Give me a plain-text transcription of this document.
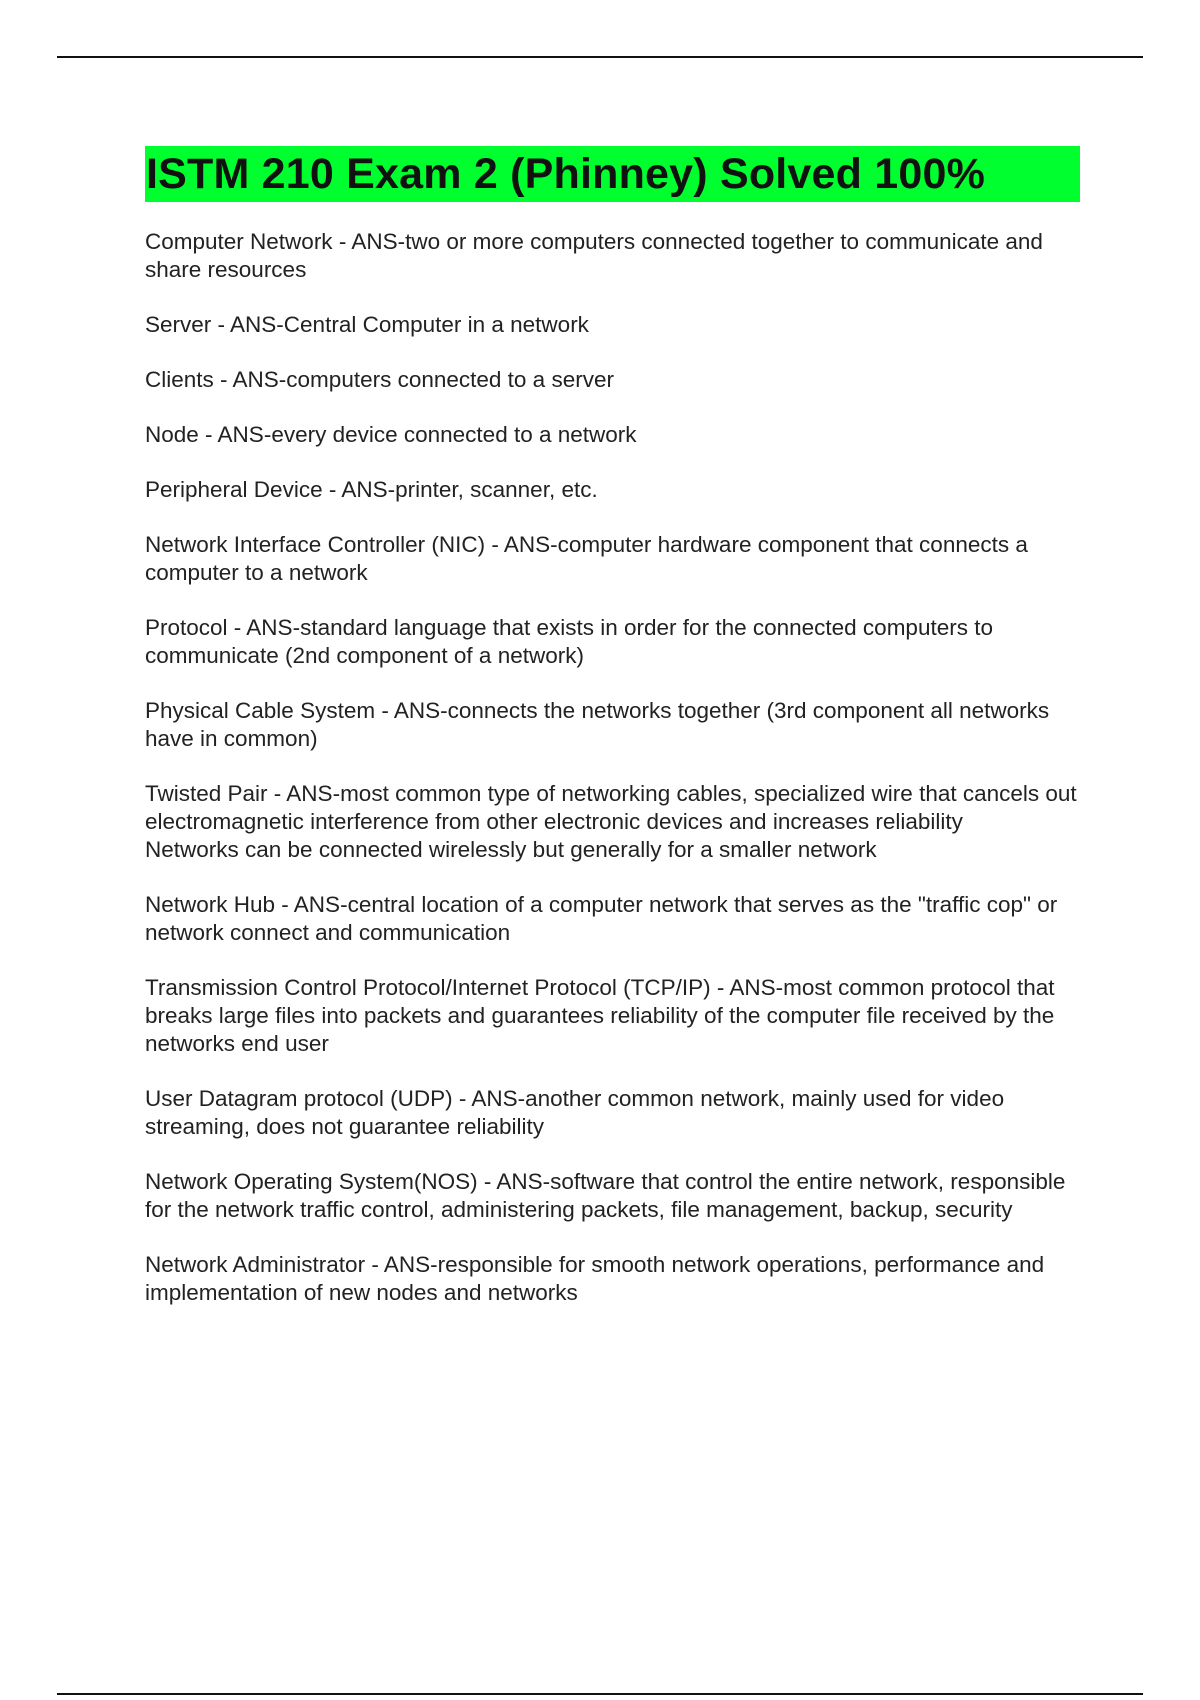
ISTM 210 Exam 2 (Phinney) Solved 100%
Computer Network - ANS-two or more computers connected together to communicate and share resources
Server - ANS-Central Computer in a network
Clients - ANS-computers connected to a server
Node - ANS-every device connected to a network
Peripheral Device - ANS-printer, scanner, etc.
Network Interface Controller (NIC) - ANS-computer hardware component that connects a computer to a network
Protocol - ANS-standard language that exists in order for the connected computers to communicate (2nd component of a network)
Physical Cable System - ANS-connects the networks together (3rd component all networks have in common)
Twisted Pair - ANS-most common type of networking cables, specialized wire that cancels out electromagnetic interference from other electronic devices and increases reliability
Networks can be connected wirelessly but generally for a smaller network
Network Hub - ANS-central location of a computer network that serves as the "traffic cop" or network connect and communication
Transmission Control Protocol/Internet Protocol (TCP/IP) - ANS-most common protocol that breaks large files into packets and guarantees reliability of the computer file received by the networks end user
User Datagram protocol (UDP) - ANS-another common network, mainly used for video streaming, does not guarantee reliability
Network Operating System(NOS) - ANS-software that control the entire network, responsible for the network traffic control, administering packets, file management, backup, security
Network Administrator - ANS-responsible for smooth network operations, performance and implementation of new nodes and networks
